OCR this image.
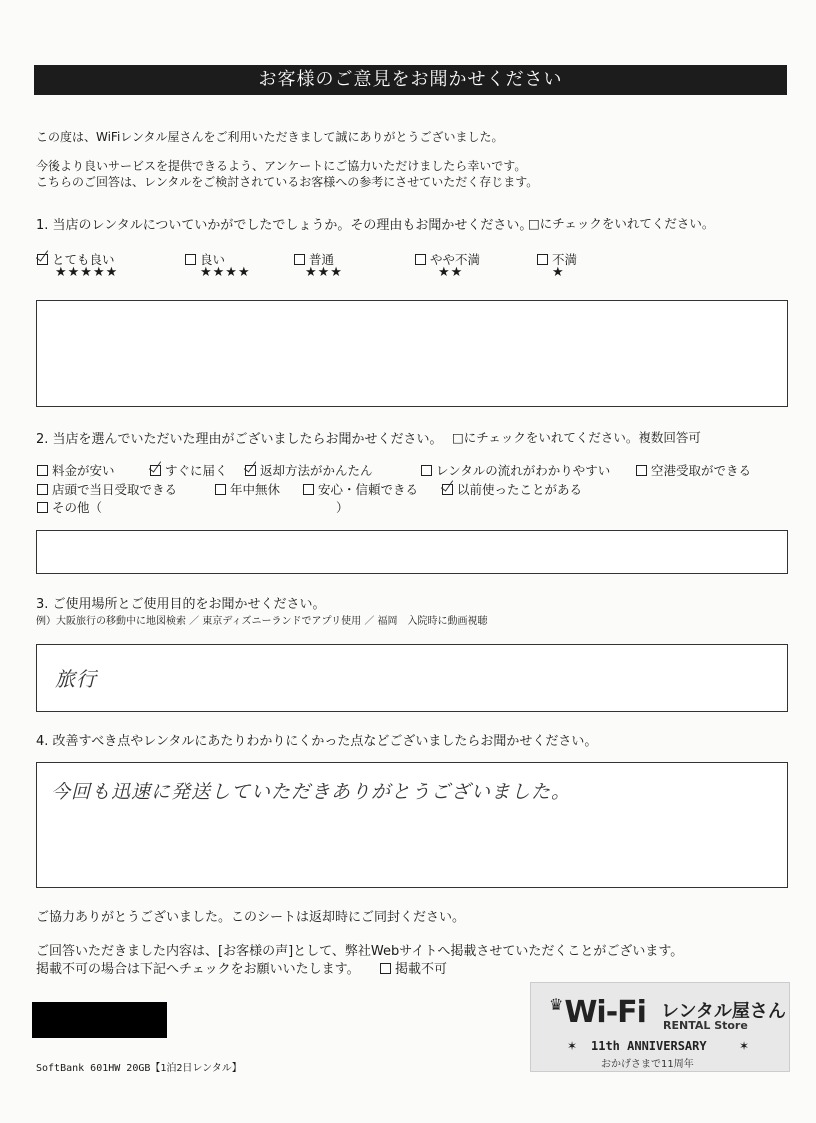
お客様のご意見をお聞かせください
この度は、WiFiレンタル屋さんをご利用いただきまして誠にありがとうございました。
今後より良いサービスを提供できるよう、アンケートにご協力いただけましたら幸いです。
こちらのご回答は、レンタルをご検討されているお客様への参考にさせていただく存じます。
1. 当店のレンタルについていかがでしたでしょうか。その理由もお聞かせください。
□にチェックをいれてください。
とても良い
★★★★★
良い
★★★★
普通
★★★
やや不満
★★
不満
★
2. 当店を選んでいただいた理由がございましたらお聞かせください。 □にチェックをいれてください。複数回答可
料金が安い	すぐに届く	返却方法がかんたん	レンタルの流れがわかりやすい	空港受取ができる
店頭で当日受取できる	年中無休	安心・信頼できる	以前使ったことがある
その他（	）
3. ご使用場所とご使用目的をお聞かせください。
例）大阪旅行の移動中に地図検索 ／ 東京ディズニーランドでアプリ使用 ／ 福岡　入院時に動画視聴
旅行
4. 改善すべき点やレンタルにあたりわかりにくかった点などございましたらお聞かせください。
今回も迅速に発送していただきありがとうございました。
ご協力ありがとうございました。このシートは返却時にご同封ください。
ご回答いただきました内容は、[お客様の声]として、弊社Webサイトへ掲載させていただくことがございます。
掲載不可の場合は下記へチェックをお願いいたします。	掲載不可
SoftBank 601HW 20GB【1泊2日レンタル】
♛Wi-Fi レンタル屋さん
RENTAL Store
✶ 11th ANNIVERSARY	✶
おかげさまで11周年
